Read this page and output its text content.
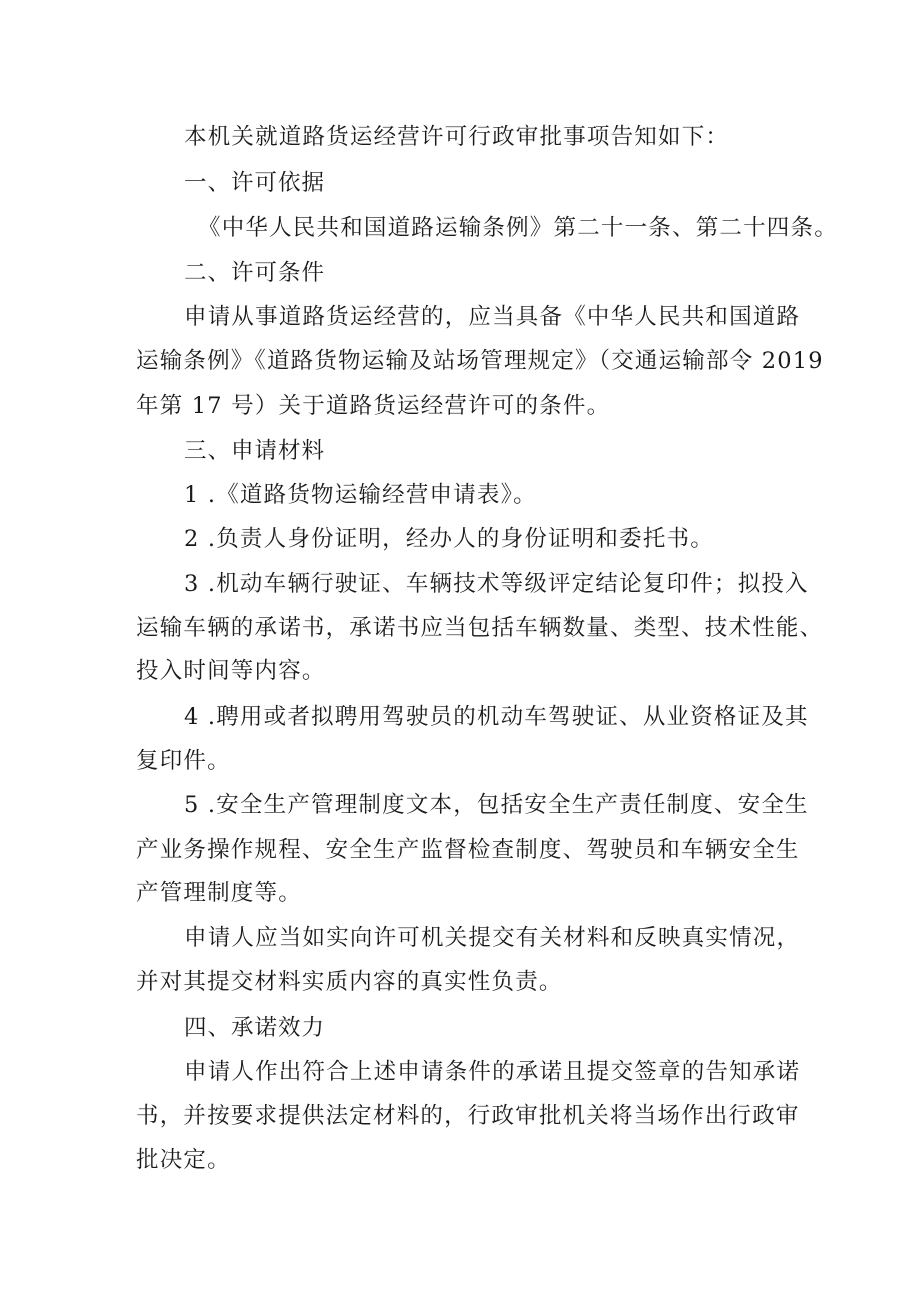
本机关就道路货运经营许可行政审批事项告知如下：
一、许可依据
《中华人民共和国道路运输条例》第二十一条、第二十四条。
二、许可条件
申请从事道路货运经营的，应当具备《中华人民共和国道路
运输条例》《道路货物运输及站场管理规定》（交通运输部令 2019
年第 17 号）关于道路货运经营许可的条件。
三、申请材料
1 .《道路货物运输经营申请表》。
2 .负责人身份证明，经办人的身份证明和委托书。
3 .机动车辆行驶证、车辆技术等级评定结论复印件；拟投入
运输车辆的承诺书，承诺书应当包括车辆数量、类型、技术性能、
投入时间等内容。
4 .聘用或者拟聘用驾驶员的机动车驾驶证、从业资格证及其
复印件。
5 .安全生产管理制度文本，包括安全生产责任制度、安全生
产业务操作规程、安全生产监督检查制度、驾驶员和车辆安全生
产管理制度等。
申请人应当如实向许可机关提交有关材料和反映真实情况，
并对其提交材料实质内容的真实性负责。
四、承诺效力
申请人作出符合上述申请条件的承诺且提交签章的告知承诺
书，并按要求提供法定材料的，行政审批机关将当场作出行政审
批决定。
